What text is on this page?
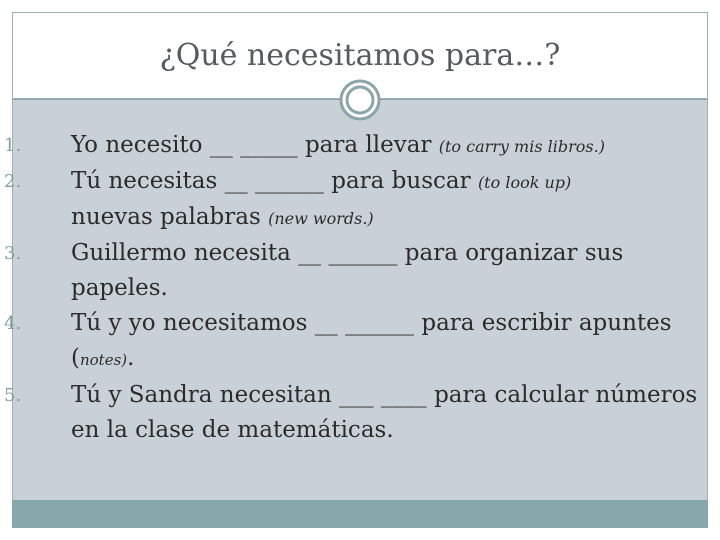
¿Qué necesitamos para…?

1.	Yo necesito __ _____ para llevar (to carry mis libros.)

2.	Tú necesitas __ ______ para buscar (to look up)
nuevas palabras (new words.)

3.	Guillermo necesita __ ______ para organizar sus papeles.

4.	Tú y yo necesitamos __ ______ para escribir apuntes (notes).

5.	Tú y Sandra necesitan ___ ____ para calcular números en la clase de matemáticas.
